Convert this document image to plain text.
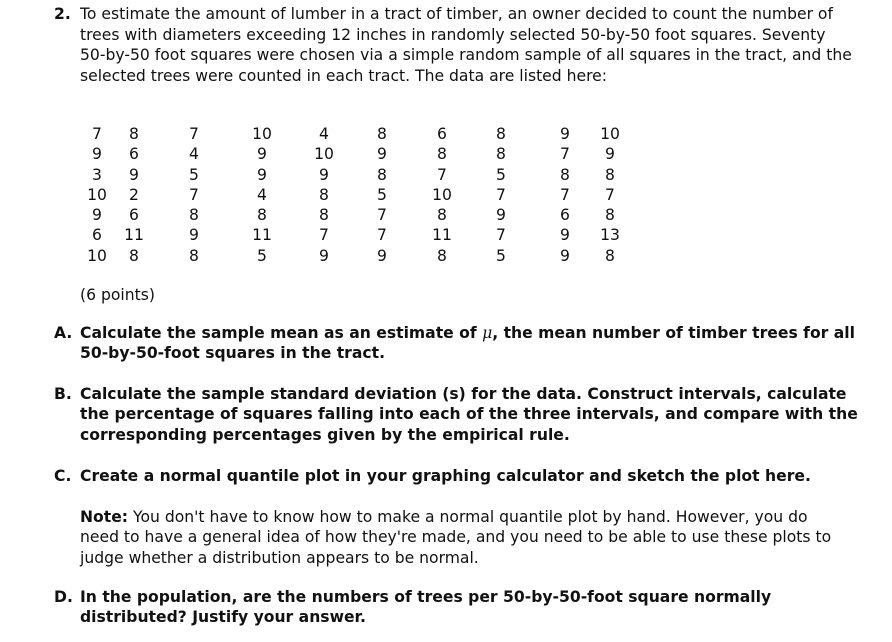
2. To estimate the amount of lumber in a tract of timber, an owner decided to count the number of trees with diameters exceeding 12 inches in randomly selected 50-by-50 foot squares. Seventy 50-by-50 foot squares were chosen via a simple random sample of all squares in the tract, and the selected trees were counted in each tract. The data are listed here:
7	8	7	10	4	8	6	8	9	10
9	6	4	9	10	9	8	8	7	9
3	9	5	9	9	8	7	5	8	8
10	2	7	4	8	5	10	7	7	7
9	6	8	8	8	7	8	9	6	8
6	11	9	11	7	7	11	7	9	13
10	8	8	5	9	9	8	5	9	8
(6 points)
A. Calculate the sample mean as an estimate of μ, the mean number of timber trees for all 50-by-50-foot squares in the tract.
B. Calculate the sample standard deviation (s) for the data. Construct intervals, calculate the percentage of squares falling into each of the three intervals, and compare with the corresponding percentages given by the empirical rule.
C. Create a normal quantile plot in your graphing calculator and sketch the plot here.
Note: You don't have to know how to make a normal quantile plot by hand. However, you do need to have a general idea of how they're made, and you need to be able to use these plots to judge whether a distribution appears to be normal.
D. In the population, are the numbers of trees per 50-by-50-foot square normally distributed? Justify your answer.
